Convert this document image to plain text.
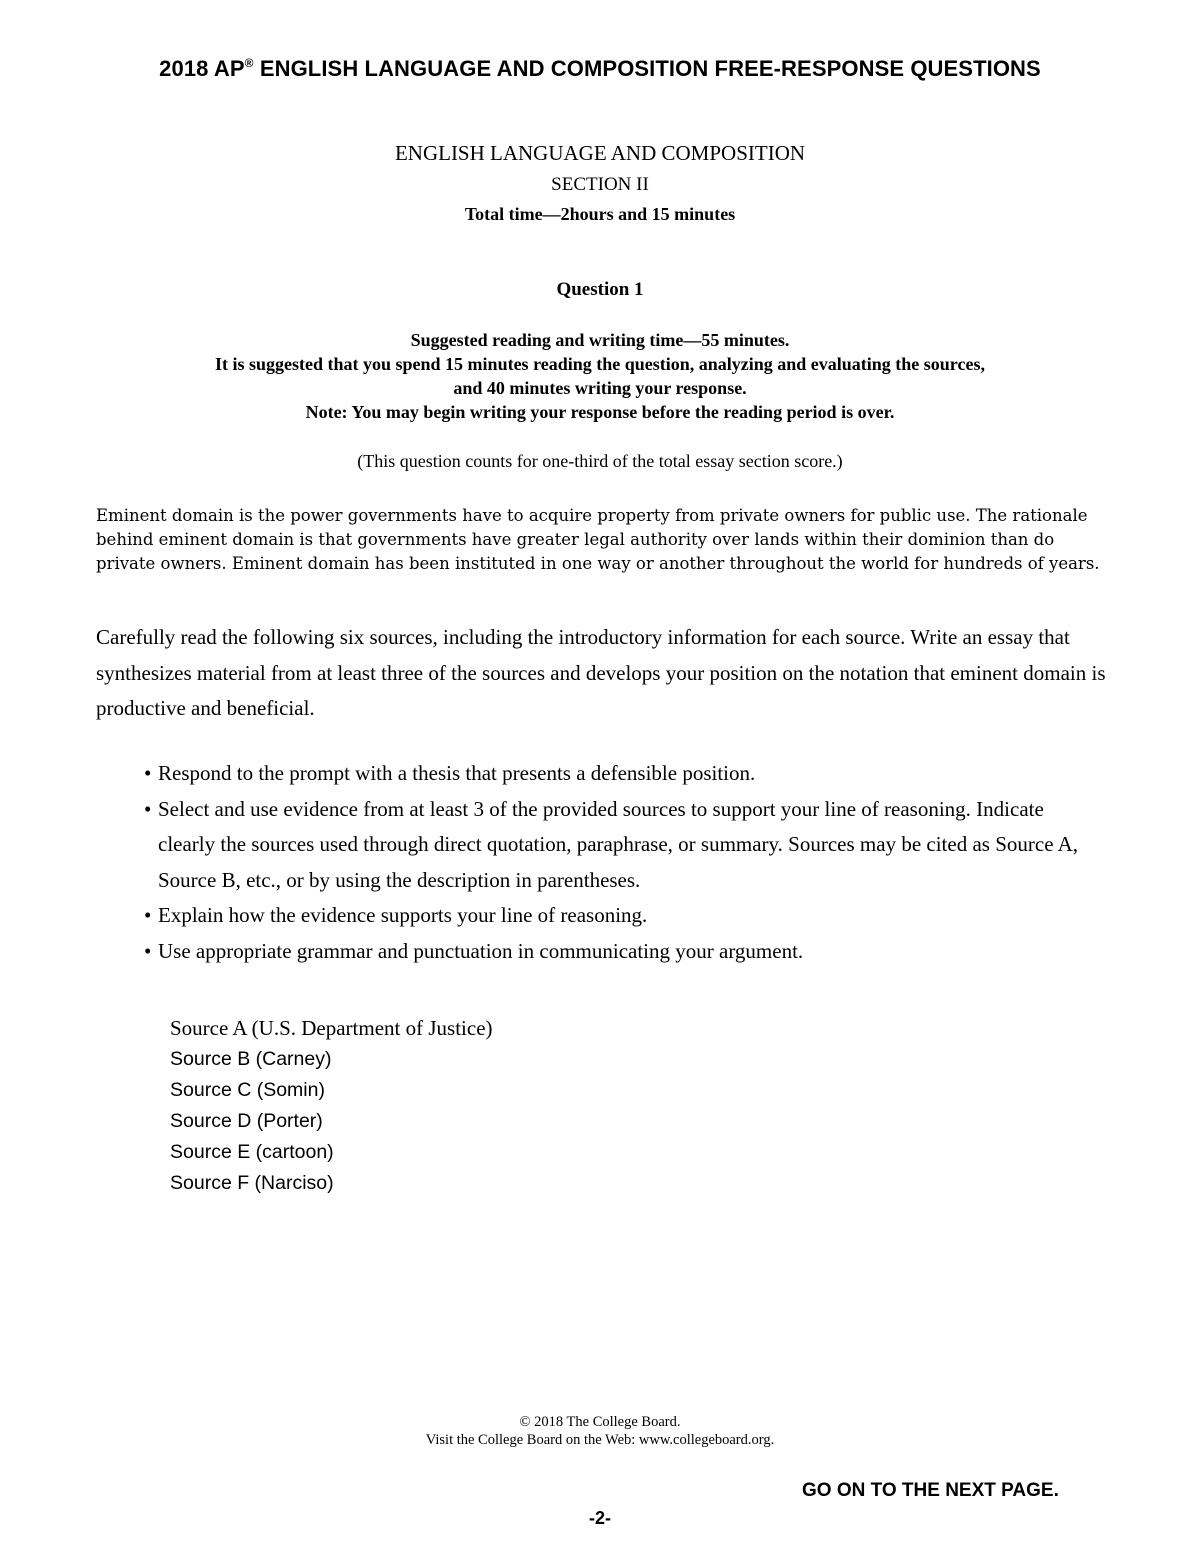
2018 AP® ENGLISH LANGUAGE AND COMPOSITION FREE-RESPONSE QUESTIONS
ENGLISH LANGUAGE AND COMPOSITION
SECTION II
Total time—2hours and 15 minutes
Question 1
Suggested reading and writing time—55 minutes.
It is suggested that you spend 15 minutes reading the question, analyzing and evaluating the sources,
and 40 minutes writing your response.
Note: You may begin writing your response before the reading period is over.
(This question counts for one-third of the total essay section score.)
Eminent domain is the power governments have to acquire property from private owners for public use. The rationale behind eminent domain is that governments have greater legal authority over lands within their dominion than do private owners. Eminent domain has been instituted in one way or another throughout the world for hundreds of years.
Carefully read the following six sources, including the introductory information for each source. Write an essay that synthesizes material from at least three of the sources and develops your position on the notation that eminent domain is productive and beneficial.
• Respond to the prompt with a thesis that presents a defensible position.
• Select and use evidence from at least 3 of the provided sources to support your line of reasoning. Indicate clearly the sources used through direct quotation, paraphrase, or summary. Sources may be cited as Source A, Source B, etc., or by using the description in parentheses.
• Explain how the evidence supports your line of reasoning.
• Use appropriate grammar and punctuation in communicating your argument.
Source A (U.S. Department of Justice)
Source B (Carney)
Source C (Somin)
Source D (Porter)
Source E (cartoon)
Source F (Narciso)
© 2018 The College Board.
Visit the College Board on the Web: www.collegeboard.org.
GO ON TO THE NEXT PAGE.
-2-
